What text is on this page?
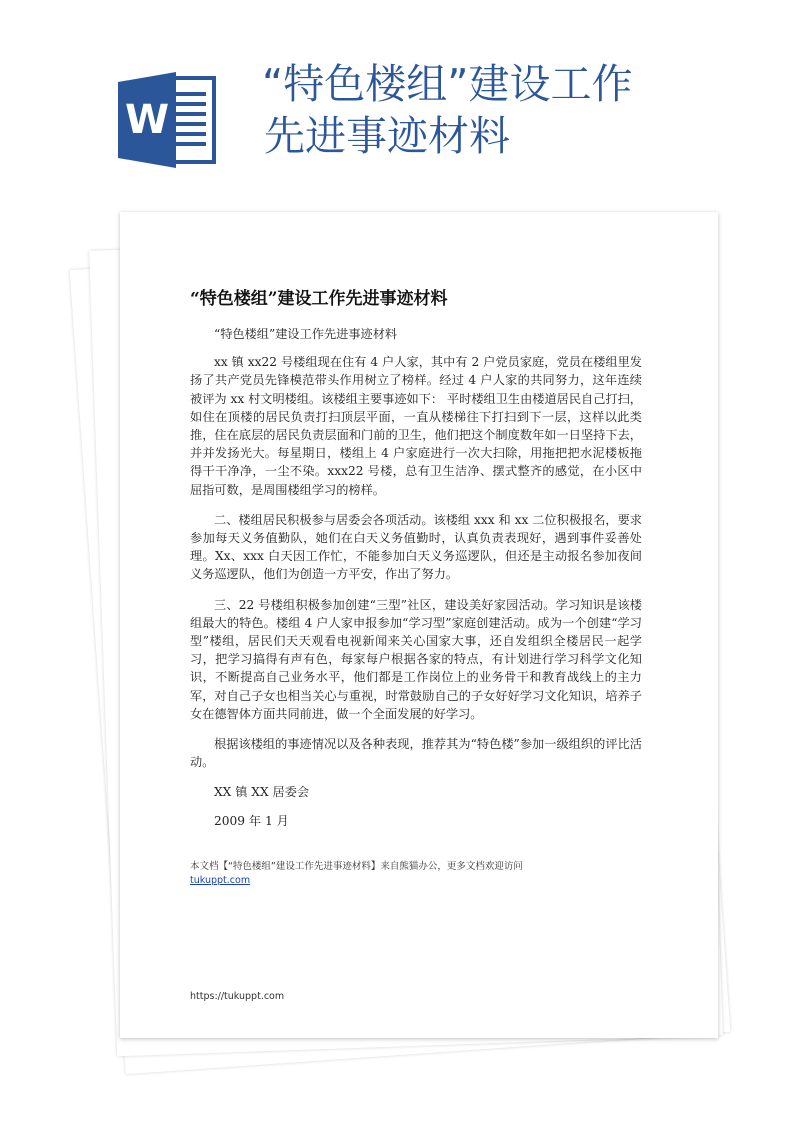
W
“特色楼组”建设工作
先进事迹材料
“特色楼组”建设工作先进事迹材料

“特色楼组”建设工作先进事迹材料

xx 镇 xx22 号楼组现在住有 4 户人家，其中有 2 户党员家庭，党员在楼组里发扬了共产党员先锋模范带头作用树立了榜样。经过 4 户人家的共同努力，这年连续被评为 xx 村文明楼组。该楼组主要事迹如下： 平时楼组卫生由楼道居民自己打扫，如住在顶楼的居民负责打扫顶层平面，一直从楼梯往下打扫到下一层，这样以此类推，住在底层的居民负责层面和门前的卫生，他们把这个制度数年如一日坚持下去，并并发扬光大。每星期日，楼组上 4 户家庭进行一次大扫除，用拖把把水泥楼板拖得干干净净，一尘不染。xxx22 号楼，总有卫生洁净、摆式整齐的感觉，在小区中屈指可数，是周围楼组学习的榜样。

二、楼组居民积极参与居委会各项活动。该楼组 xxx 和 xx 二位积极报名，要求参加每天义务值勤队，她们在白天义务值勤时，认真负责表现好，遇到事件妥善处理。Xx、xxx 白天因工作忙，不能参加白天义务巡逻队，但还是主动报名参加夜间义务巡逻队，他们为创造一方平安，作出了努力。

三、22 号楼组积极参加创建“三型”社区，建设美好家园活动。学习知识是该楼组最大的特色。楼组 4 户人家申报参加“学习型”家庭创建活动。成为一个创建“学习型”楼组，居民们天天观看电视新闻来关心国家大事，还自发组织全楼居民一起学习，把学习搞得有声有色，每家每户根据各家的特点，有计划进行学习科学文化知识，不断提高自己业务水平，他们都是工作岗位上的业务骨干和教育战线上的主力军，对自己子女也相当关心与重视，时常鼓励自己的子女好好学习文化知识，培养子女在德智体方面共同前进，做一个全面发展的好学习。

根据该楼组的事迹情况以及各种表现，推荐其为“特色楼”参加一级组织的评比活动。

XX 镇 XX 居委会

2009 年 1 月

本文档【“特色楼组”建设工作先进事迹材料】来自熊猫办公，更多文档欢迎访问
tukuppt.com
https://tukuppt.com
